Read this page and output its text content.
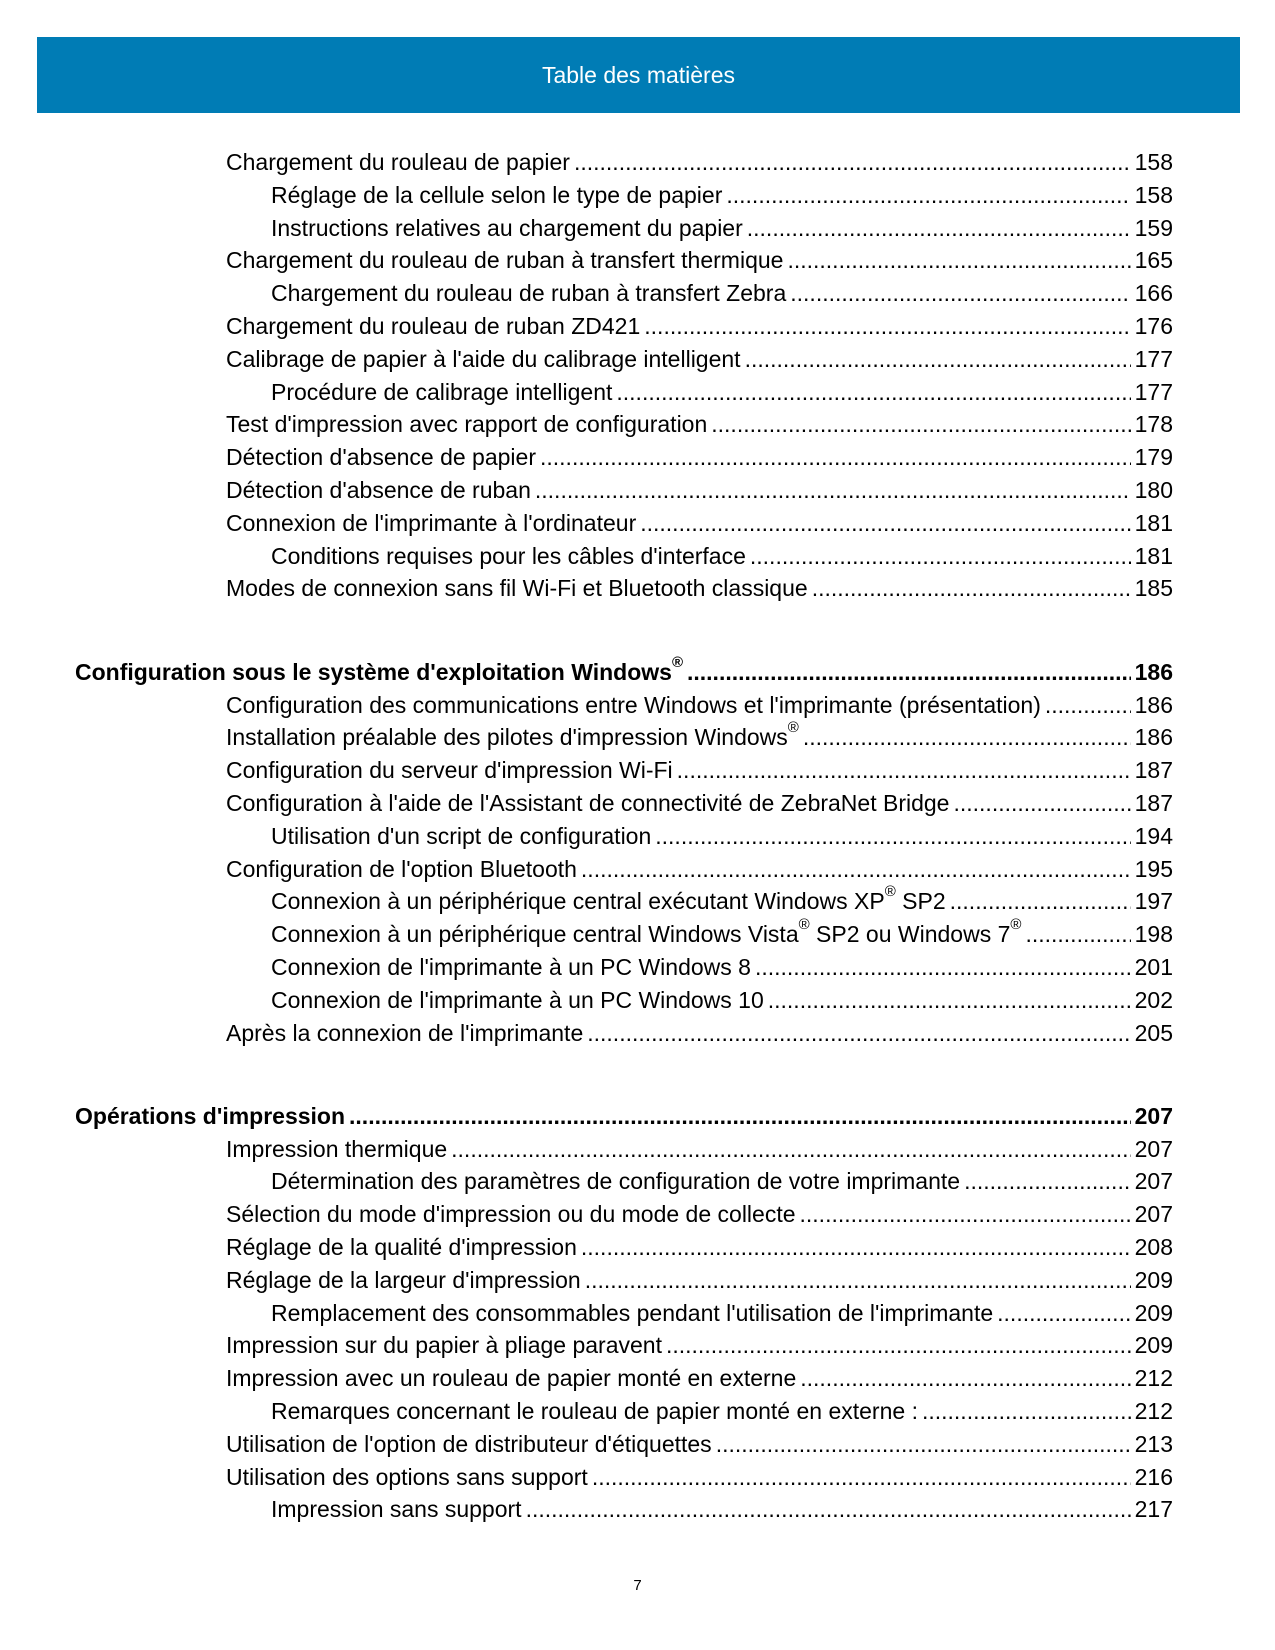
Table des matières
Chargement du rouleau de papier .....	158
Réglage de la cellule selon le type de papier .....	158
Instructions relatives au chargement du papier .....	159
Chargement du rouleau de ruban à transfert thermique .....	165
Chargement du rouleau de ruban à transfert Zebra .....	166
Chargement du rouleau de ruban ZD421 .....	176
Calibrage de papier à l'aide du calibrage intelligent .....	177
Procédure de calibrage intelligent .....	177
Test d'impression avec rapport de configuration .....	178
Détection d'absence de papier .....	179
Détection d'absence de ruban .....	180
Connexion de l'imprimante à l'ordinateur .....	181
Conditions requises pour les câbles d'interface .....	181
Modes de connexion sans fil Wi-Fi et Bluetooth classique .....	185
Configuration sous le système d'exploitation Windows® .....	186
Configuration des communications entre Windows et l'imprimante (présentation) .....	186
Installation préalable des pilotes d'impression Windows® .....	186
Configuration du serveur d'impression Wi-Fi .....	187
Configuration à l'aide de l'Assistant de connectivité de ZebraNet Bridge .....	187
Utilisation d'un script de configuration .....	194
Configuration de l'option Bluetooth .....	195
Connexion à un périphérique central exécutant Windows XP® SP2 .....	197
Connexion à un périphérique central Windows Vista® SP2 ou Windows 7® .....	198
Connexion de l'imprimante à un PC Windows 8 .....	201
Connexion de l'imprimante à un PC Windows 10 .....	202
Après la connexion de l'imprimante .....	205
Opérations d'impression .....	207
Impression thermique .....	207
Détermination des paramètres de configuration de votre imprimante .....	207
Sélection du mode d'impression ou du mode de collecte .....	207
Réglage de la qualité d'impression .....	208
Réglage de la largeur d'impression .....	209
Remplacement des consommables pendant l'utilisation de l'imprimante .....	209
Impression sur du papier à pliage paravent .....	209
Impression avec un rouleau de papier monté en externe .....	212
Remarques concernant le rouleau de papier monté en externe : .....	212
Utilisation de l'option de distributeur d'étiquettes .....	213
Utilisation des options sans support .....	216
Impression sans support .....	217
7
